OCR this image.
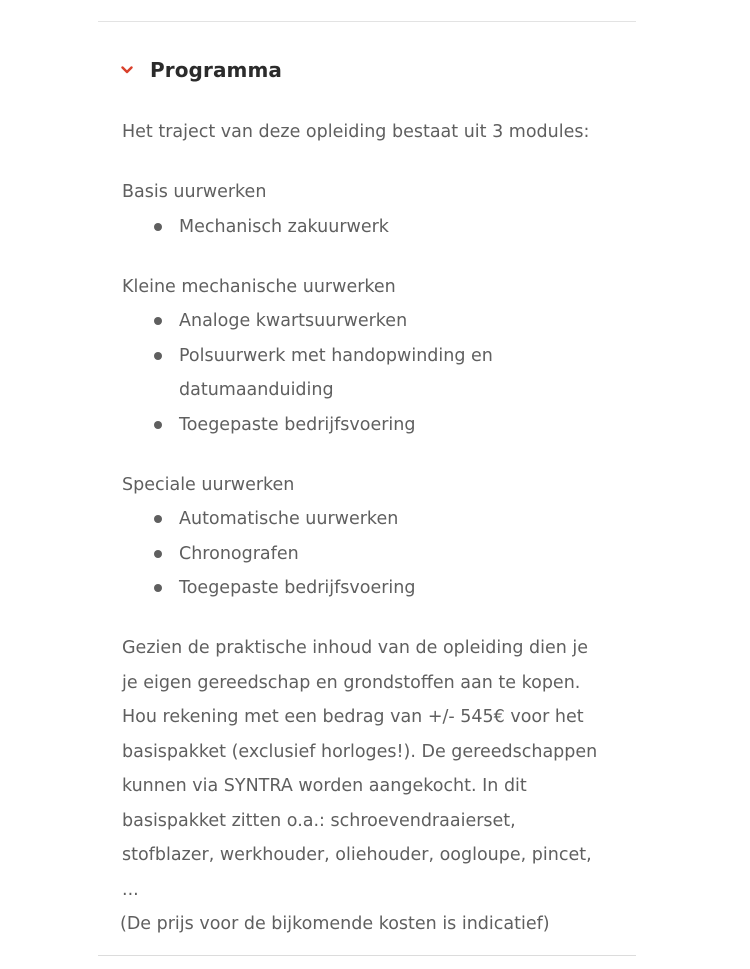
Programma

Het traject van deze opleiding bestaat uit 3 modules:

Basis uurwerken

Mechanisch zakuurwerk

Kleine mechanische uurwerken

Analoge kwartsuurwerken
Polsuurwerk met handopwinding en datumaanduiding
Toegepaste bedrijfsvoering

Speciale uurwerken

Automatische uurwerken
Chronografen
Toegepaste bedrijfsvoering

Gezien de praktische inhoud van de opleiding dien je je eigen gereedschap en grondstoffen aan te kopen.

Hou rekening met een bedrag van +/- 545€ voor het basispakket (exclusief horloges!). De gereedschappen kunnen via SYNTRA worden aangekocht. In dit basispakket zitten o.a.: schroevendraaierset, stofblazer, werkhouder, oliehouder, oogloupe, pincet, ...

(De prijs voor de bijkomende kosten is indicatief)
